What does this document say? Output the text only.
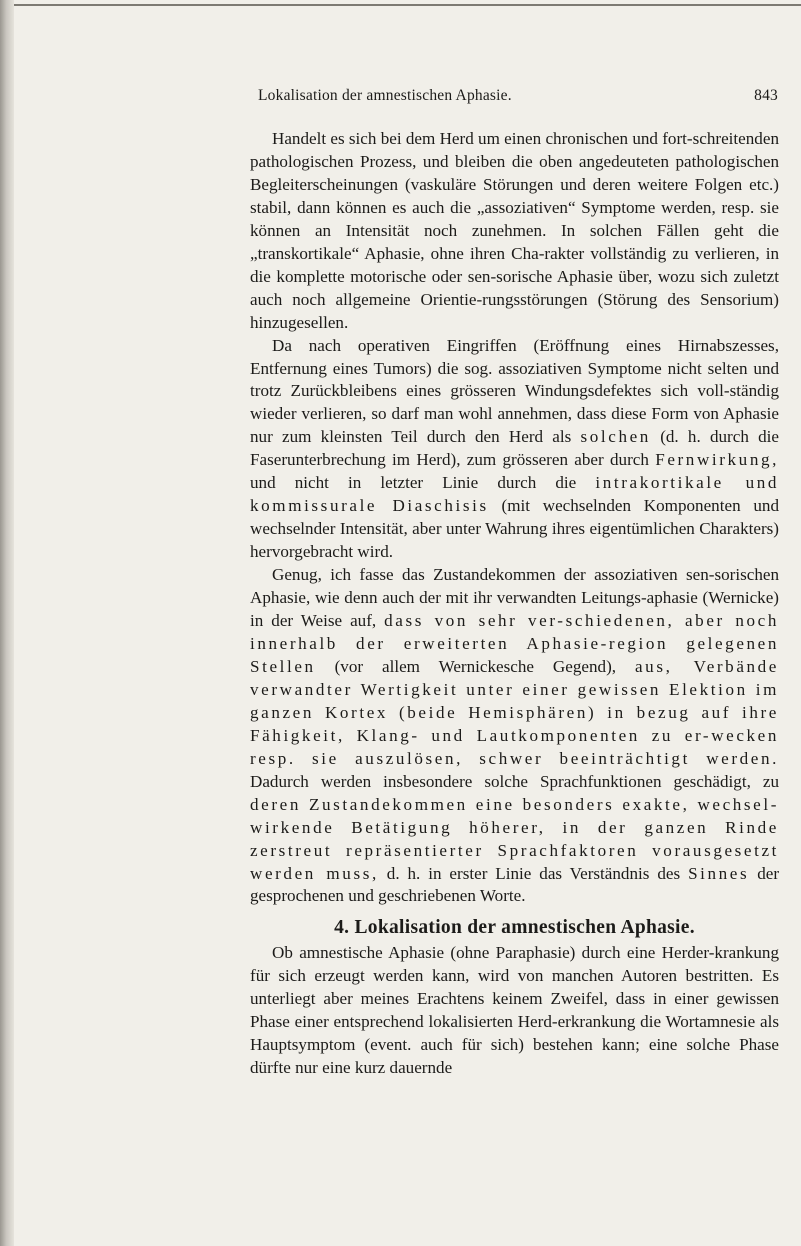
Lokalisation der amnestischen Aphasie.	843

Handelt es sich bei dem Herd um einen chronischen und fort-schreitenden pathologischen Prozess, und bleiben die oben angedeuteten pathologischen Begleiterscheinungen (vaskuläre Störungen und deren weitere Folgen etc.) stabil, dann können es auch die „assoziativen“ Symptome werden, resp. sie können an Intensität noch zunehmen. In solchen Fällen geht die „transkortikale“ Aphasie, ohne ihren Cha-rakter vollständig zu verlieren, in die komplette motorische oder sen-sorische Aphasie über, wozu sich zuletzt auch noch allgemeine Orientie-rungsstörungen (Störung des Sensorium) hinzugesellen.

Da nach operativen Eingriffen (Eröffnung eines Hirnabszesses, Entfernung eines Tumors) die sog. assoziativen Symptome nicht selten und trotz Zurückbleibens eines grösseren Windungsdefektes sich voll-ständig wieder verlieren, so darf man wohl annehmen, dass diese Form von Aphasie nur zum kleinsten Teil durch den Herd als solchen (d. h. durch die Faserunterbrechung im Herd), zum grösseren aber durch Fernwirkung, und nicht in letzter Linie durch die intrakortikale und kommissurale Diaschisis (mit wechselnden Komponenten und wechselnder Intensität, aber unter Wahrung ihres eigentümlichen Charakters) hervorgebracht wird.

Genug, ich fasse das Zustandekommen der assoziativen sen-sorischen Aphasie, wie denn auch der mit ihr verwandten Leitungs-aphasie (Wernicke) in der Weise auf, dass von sehr ver-schiedenen, aber noch innerhalb der erweiterten Aphasie-region gelegenen Stellen (vor allem Wernickesche Gegend), aus, Verbände verwandter Wertigkeit unter einer gewissen Elektion im ganzen Kortex (beide Hemisphären) in bezug auf ihre Fähigkeit, Klang- und Lautkomponenten zu er-wecken resp. sie auszulösen, schwer beeinträchtigt werden. Dadurch werden insbesondere solche Sprachfunktionen geschädigt, zu deren Zustandekommen eine besonders exakte, wechsel-wirkende Betätigung höherer, in der ganzen Rinde zerstreut repräsentierter Sprachfaktoren vorausgesetzt werden muss, d. h. in erster Linie das Verständnis des Sinnes der gesprochenen und geschriebenen Worte.

4. Lokalisation der amnestischen Aphasie.

Ob amnestische Aphasie (ohne Paraphasie) durch eine Herder-krankung für sich erzeugt werden kann, wird von manchen Autoren bestritten. Es unterliegt aber meines Erachtens keinem Zweifel, dass in einer gewissen Phase einer entsprechend lokalisierten Herd-erkrankung die Wortamnesie als Hauptsymptom (event. auch für sich) bestehen kann; eine solche Phase dürfte nur eine kurz dauernde
